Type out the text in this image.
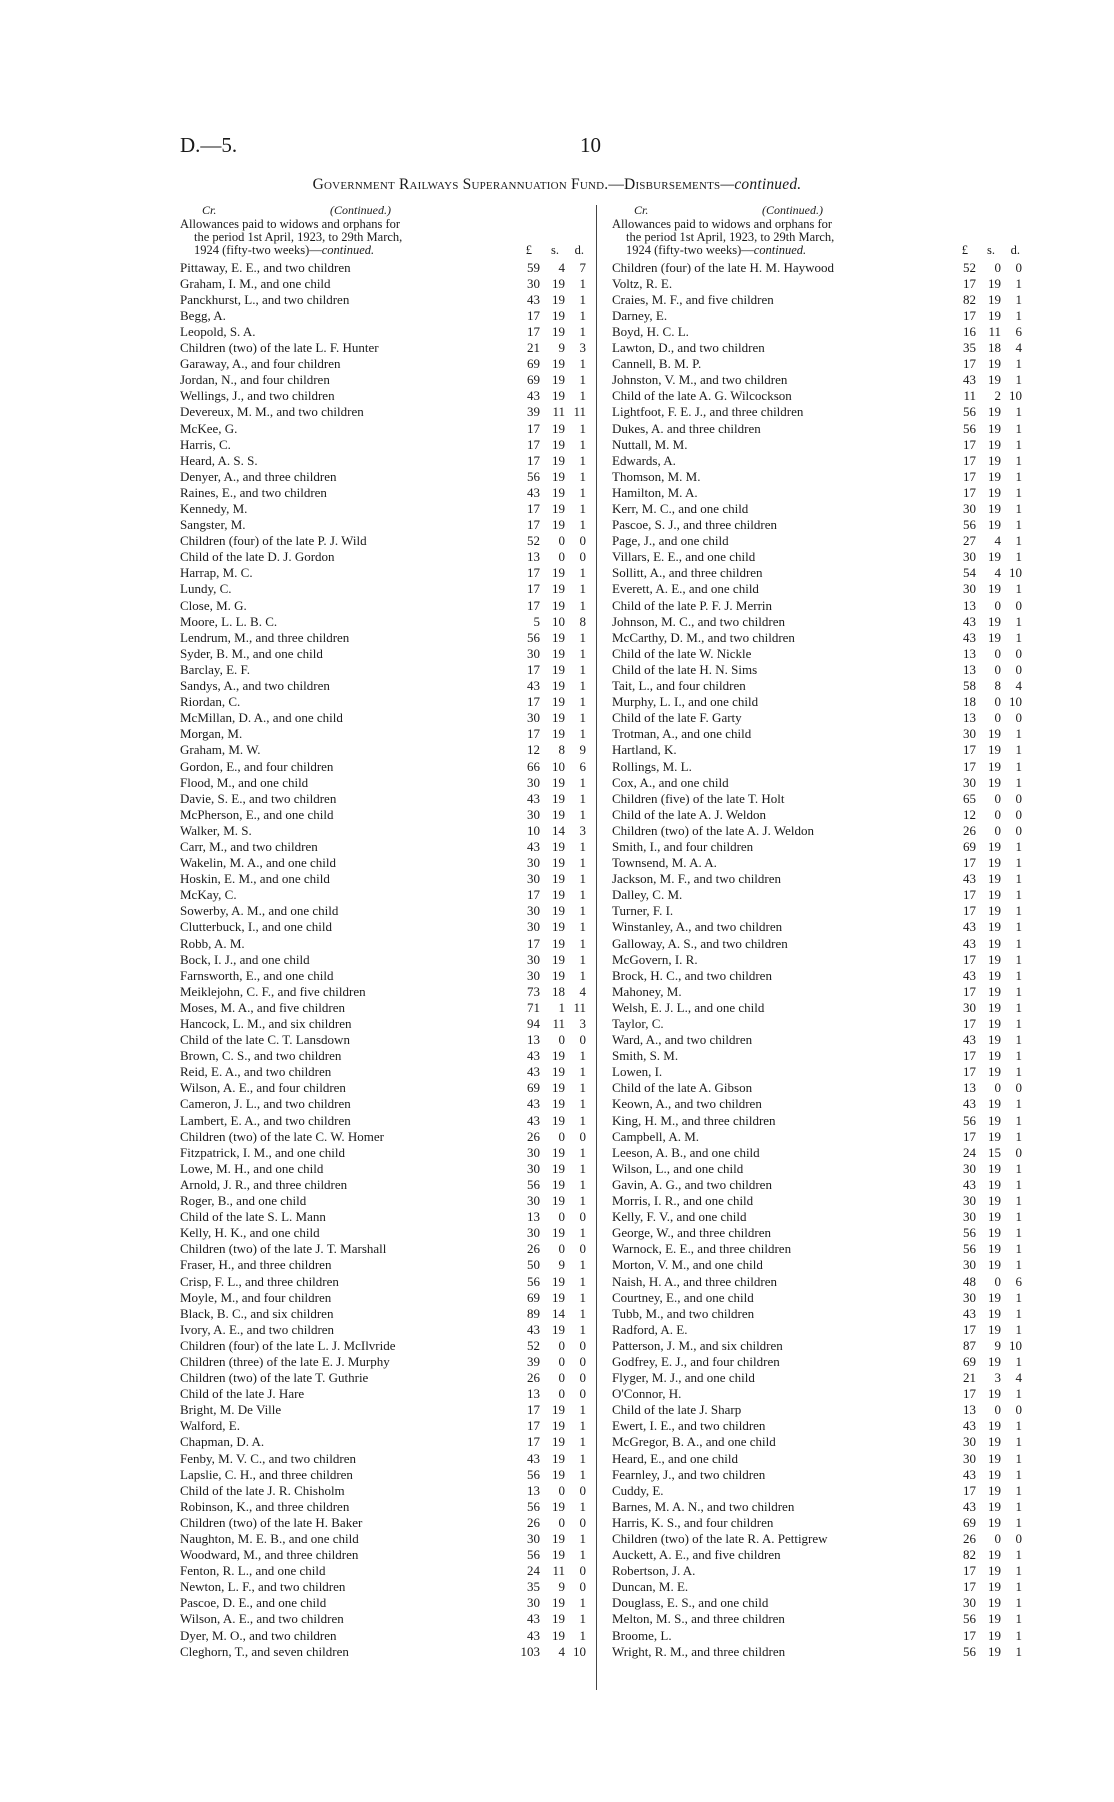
D.—5.	10
Government Railways Superannuation Fund.—Disbursements—continued.
Cr.	(Continued.)
Allowances paid to widows and orphans for
the period 1st April, 1923, to 29th March,
1924 (fifty-two weeks)—continued.	£ s. d.
Pittaway, E. E., and two children	59	4	7
Graham, I. M., and one child	30 19	1
Panckhurst, L., and two children	43 19	1
Begg, A.	17 19	1
Leopold, S. A.	17 19	1
Children (two) of the late L. F. Hunter	21	9	3
Garaway, A., and four children	69 19	1
Jordan, N., and four children	69 19	1
Wellings, J., and two children	43 19	1
Devereux, M. M., and two children	39 11 11
McKee, G.	17 19	1
Harris, C.	17 19	1
Heard, A. S. S.	17 19	1
Denyer, A., and three children	56 19	1
Raines, E., and two children	43 19	1
Kennedy, M.	17 19	1
Sangster, M.	17 19	1
Children (four) of the late P. J. Wild	52	0	0
Child of the late D. J. Gordon	13	0	0
Harrap, M. C.	17 19	1
Lundy, C.	17 19	1
Close, M. G.	17 19	1
Moore, L. L. B. C.	5 10	8
Lendrum, M., and three children	56 19	1
Syder, B. M., and one child	30 19	1
Barclay, E. F.	17 19	1
Sandys, A., and two children	43 19	1
Riordan, C.	17 19	1
McMillan, D. A., and one child	30 19	1
Morgan, M.	17 19	1
Graham, M. W.	12	8	9
Gordon, E., and four children	66 10	6
Flood, M., and one child	30 19	1
Davie, S. E., and two children	43 19	1
McPherson, E., and one child	30 19	1
Walker, M. S.	10 14	3
Carr, M., and two children	43 19	1
Wakelin, M. A., and one child	30 19	1
Hoskin, E. M., and one child	30 19	1
McKay, C.	17 19	1
Sowerby, A. M., and one child	30 19	1
Clutterbuck, I., and one child	30 19	1
Robb, A. M.	17 19	1
Bock, I. J., and one child	30 19	1
Farnsworth, E., and one child	30 19	1
Meiklejohn, C. F., and five children	73 18	4
Moses, M. A., and five children	71	1 11
Hancock, L. M., and six children	94 11	3
Child of the late C. T. Lansdown	13	0	0
Brown, C. S., and two children	43 19	1
Reid, E. A., and two children	43 19	1
Wilson, A. E., and four children	69 19	1
Cameron, J. L., and two children	43 19	1
Lambert, E. A., and two children	43 19	1
Children (two) of the late C. W. Homer	26	0	0
Fitzpatrick, I. M., and one child	30 19	1
Lowe, M. H., and one child	30 19	1
Arnold, J. R., and three children	56 19	1
Roger, B., and one child	30 19	1
Child of the late S. L. Mann	13	0	0
Kelly, H. K., and one child	30 19	1
Children (two) of the late J. T. Marshall	26	0	0
Fraser, H., and three children	50	9	1
Crisp, F. L., and three children	56 19	1
Moyle, M., and four children	69 19	1
Black, B. C., and six children	89 14	1
Ivory, A. E., and two children	43 19	1
Children (four) of the late L. J. McIlvride	52	0	0
Children (three) of the late E. J. Murphy	39	0	0
Children (two) of the late T. Guthrie	26	0	0
Child of the late J. Hare	13	0	0
Bright, M. De Ville	17 19	1
Walford, E.	17 19	1
Chapman, D. A.	17 19	1
Fenby, M. V. C., and two children	43 19	1
Lapslie, C. H., and three children	56 19	1
Child of the late J. R. Chisholm	13	0	0
Robinson, K., and three children	56 19	1
Children (two) of the late H. Baker	26	0	0
Naughton, M. E. B., and one child	30 19	1
Woodward, M., and three children	56 19	1
Fenton, R. L., and one child	24 11	0
Newton, L. F., and two children	35	9	0
Pascoe, D. E., and one child	30 19	1
Wilson, A. E., and two children	43 19	1
Dyer, M. O., and two children	43 19	1
Cleghorn, T., and seven children	103	4 10
Cr.	(Continued.)
Allowances paid to widows and orphans for
the period 1st April, 1923, to 29th March,
1924 (fifty-two weeks)—continued.	£ s. d.
Children (four) of the late H. M. Haywood	52	0	0
Voltz, R. E.	17 19	1
Craies, M. F., and five children	82 19	1
Darney, E.	17 19	1
Boyd, H. C. L.	16 11	6
Lawton, D., and two children	35 18	4
Cannell, B. M. P.	17 19	1
Johnston, V. M., and two children	43 19	1
Child of the late A. G. Wilcockson	11	2 10
Lightfoot, F. E. J., and three children	56 19	1
Dukes, A. and three children	56 19	1
Nuttall, M. M.	17 19	1
Edwards, A.	17 19	1
Thomson, M. M.	17 19	1
Hamilton, M. A.	17 19	1
Kerr, M. C., and one child	30 19	1
Pascoe, S. J., and three children	56 19	1
Page, J., and one child	27	4	1
Villars, E. E., and one child	30 19	1
Sollitt, A., and three children	54	4 10
Everett, A. E., and one child	30 19	1
Child of the late P. F. J. Merrin	13	0	0
Johnson, M. C., and two children	43 19	1
McCarthy, D. M., and two children	43 19	1
Child of the late W. Nickle	13	0	0
Child of the late H. N. Sims	13	0	0
Tait, L., and four children	58	8	4
Murphy, L. I., and one child	18	0 10
Child of the late F. Garty	13	0	0
Trotman, A., and one child	30 19	1
Hartland, K.	17 19	1
Rollings, M. L.	17 19	1
Cox, A., and one child	30 19	1
Children (five) of the late T. Holt	65	0	0
Child of the late A. J. Weldon	12	0	0
Children (two) of the late A. J. Weldon	26	0	0
Smith, I., and four children	69 19	1
Townsend, M. A. A.	17 19	1
Jackson, M. F., and two children	43 19	1
Dalley, C. M.	17 19	1
Turner, F. I.	17 19	1
Winstanley, A., and two children	43 19	1
Galloway, A. S., and two children	43 19	1
McGovern, I. R.	17 19	1
Brock, H. C., and two children	43 19	1
Mahoney, M.	17 19	1
Welsh, E. J. L., and one child	30 19	1
Taylor, C.	17 19	1
Ward, A., and two children	43 19	1
Smith, S. M.	17 19	1
Lowen, I.	17 19	1
Child of the late A. Gibson	13	0	0
Keown, A., and two children	43 19	1
King, H. M., and three children	56 19	1
Campbell, A. M.	17 19	1
Leeson, A. B., and one child	24 15	0
Wilson, L., and one child	30 19	1
Gavin, A. G., and two children	43 19	1
Morris, I. R., and one child	30 19	1
Kelly, F. V., and one child	30 19	1
George, W., and three children	56 19	1
Warnock, E. E., and three children	56 19	1
Morton, V. M., and one child	30 19	1
Naish, H. A., and three children	48	0	6
Courtney, E., and one child	30 19	1
Tubb, M., and two children	43 19	1
Radford, A. E.	17 19	1
Patterson, J. M., and six children	87	9 10
Godfrey, E. J., and four children	69 19	1
Flyger, M. J., and one child	21	3	4
O'Connor, H.	17 19	1
Child of the late J. Sharp	13	0	0
Ewert, I. E., and two children	43 19	1
McGregor, B. A., and one child	30 19	1
Heard, E., and one child	30 19	1
Fearnley, J., and two children	43 19	1
Cuddy, E.	17 19	1
Barnes, M. A. N., and two children	43 19	1
Harris, K. S., and four children	69 19	1
Children (two) of the late R. A. Pettigrew	26	0	0
Auckett, A. E., and five children	82 19	1
Robertson, J. A.	17 19	1
Duncan, M. E.	17 19	1
Douglass, E. S., and one child	30 19	1
Melton, M. S., and three children	56 19	1
Broome, L.	17 19	1
Wright, R. M., and three children	56 19	1
